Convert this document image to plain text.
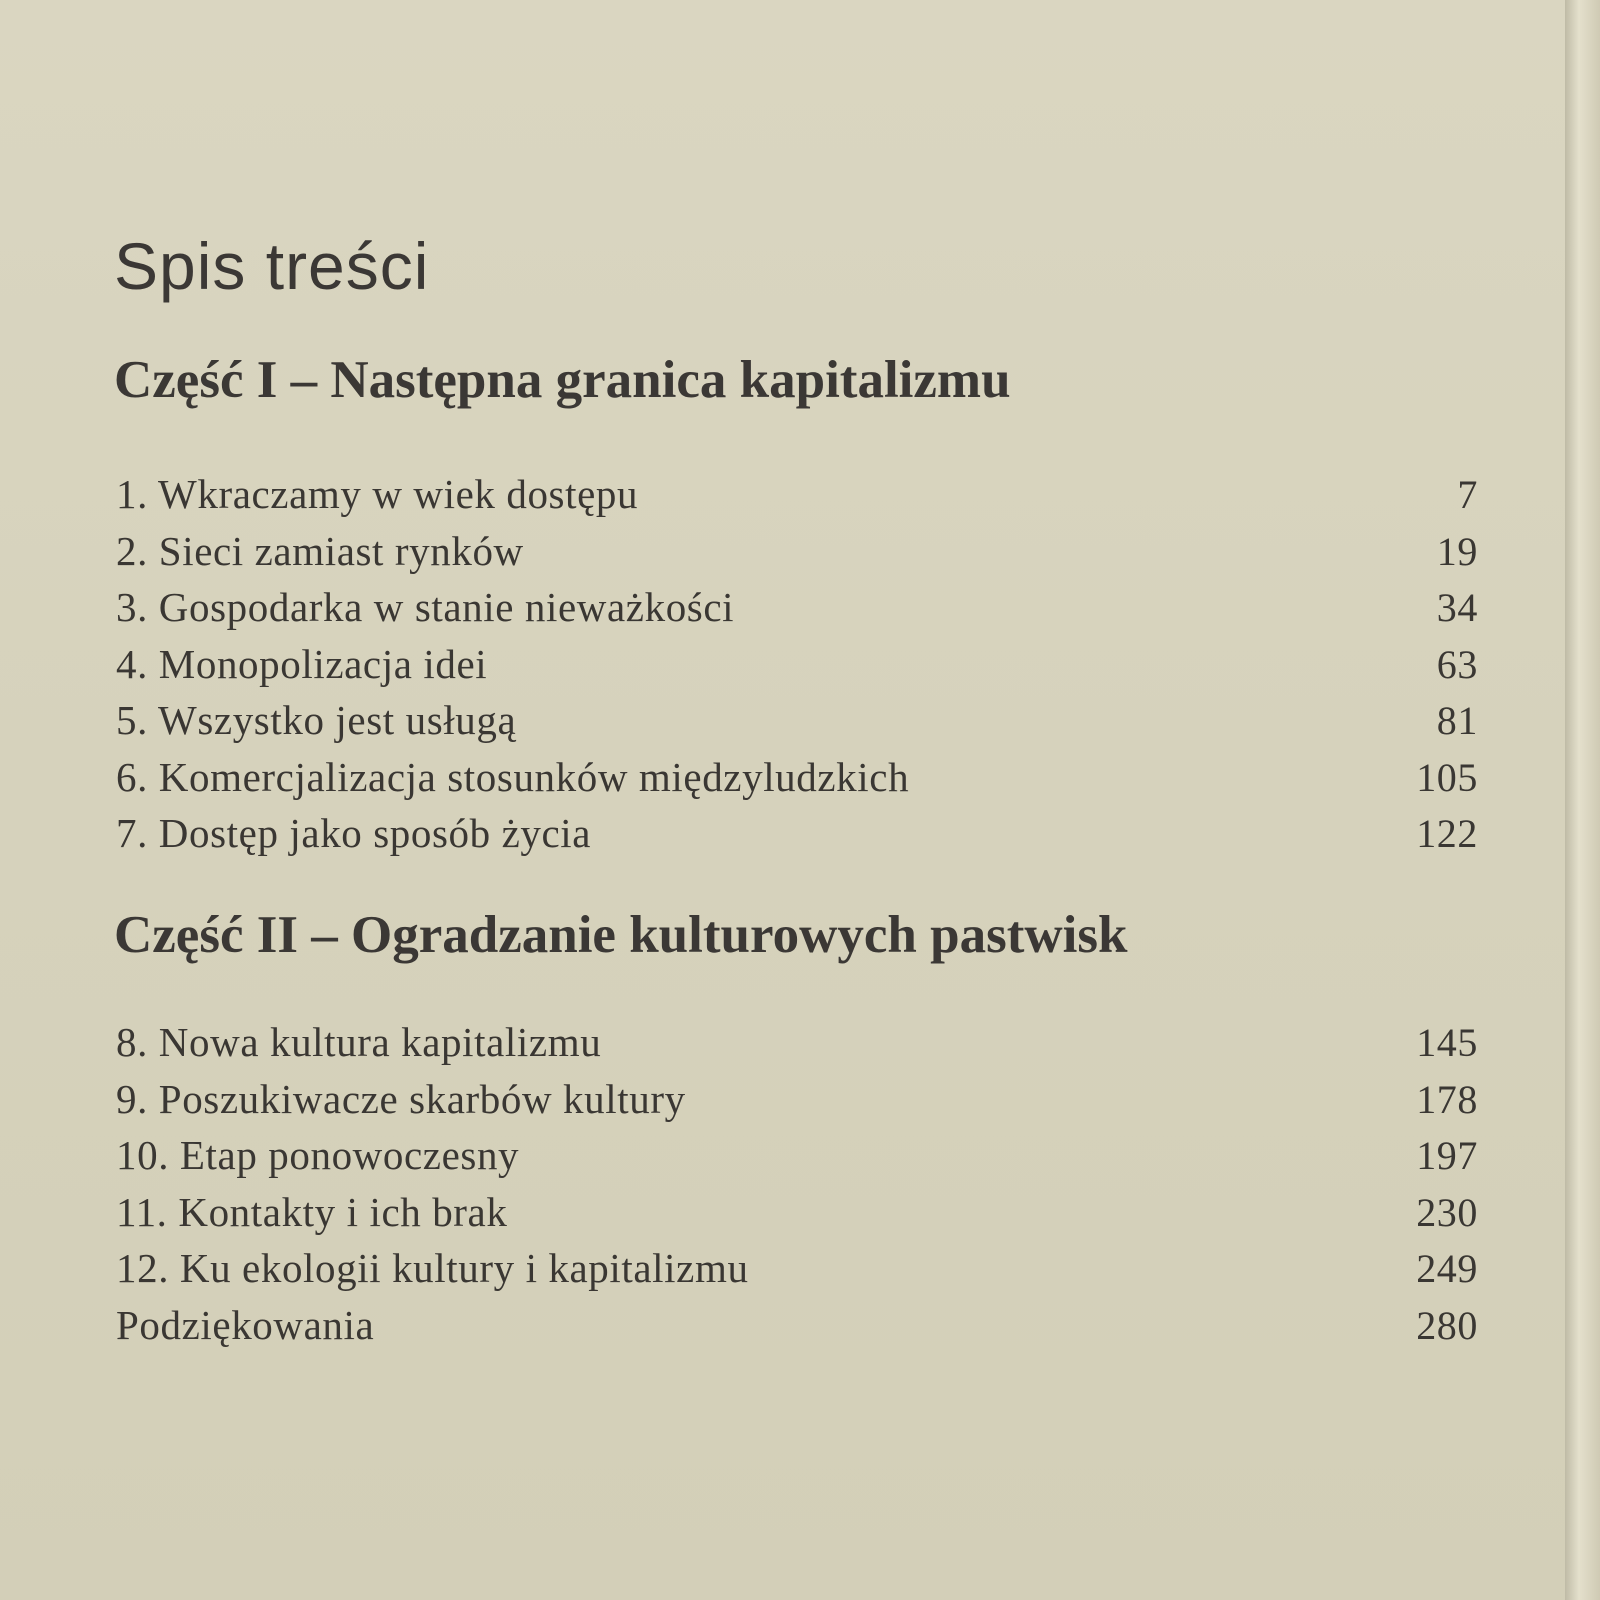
Spis treści
Część I – Następna granica kapitalizmu
1. Wkraczamy w wiek dostępu	7
2. Sieci zamiast rynków	19
3. Gospodarka w stanie nieważkości	34
4. Monopolizacja idei	63
5. Wszystko jest usługą	81
6. Komercjalizacja stosunków międzyludzkich	105
7. Dostęp jako sposób życia	122
Część II – Ogradzanie kulturowych pastwisk
8. Nowa kultura kapitalizmu	145
9. Poszukiwacze skarbów kultury	178
10. Etap ponowoczesny	197
11. Kontakty i ich brak	230
12. Ku ekologii kultury i kapitalizmu	249
Podziękowania	280
